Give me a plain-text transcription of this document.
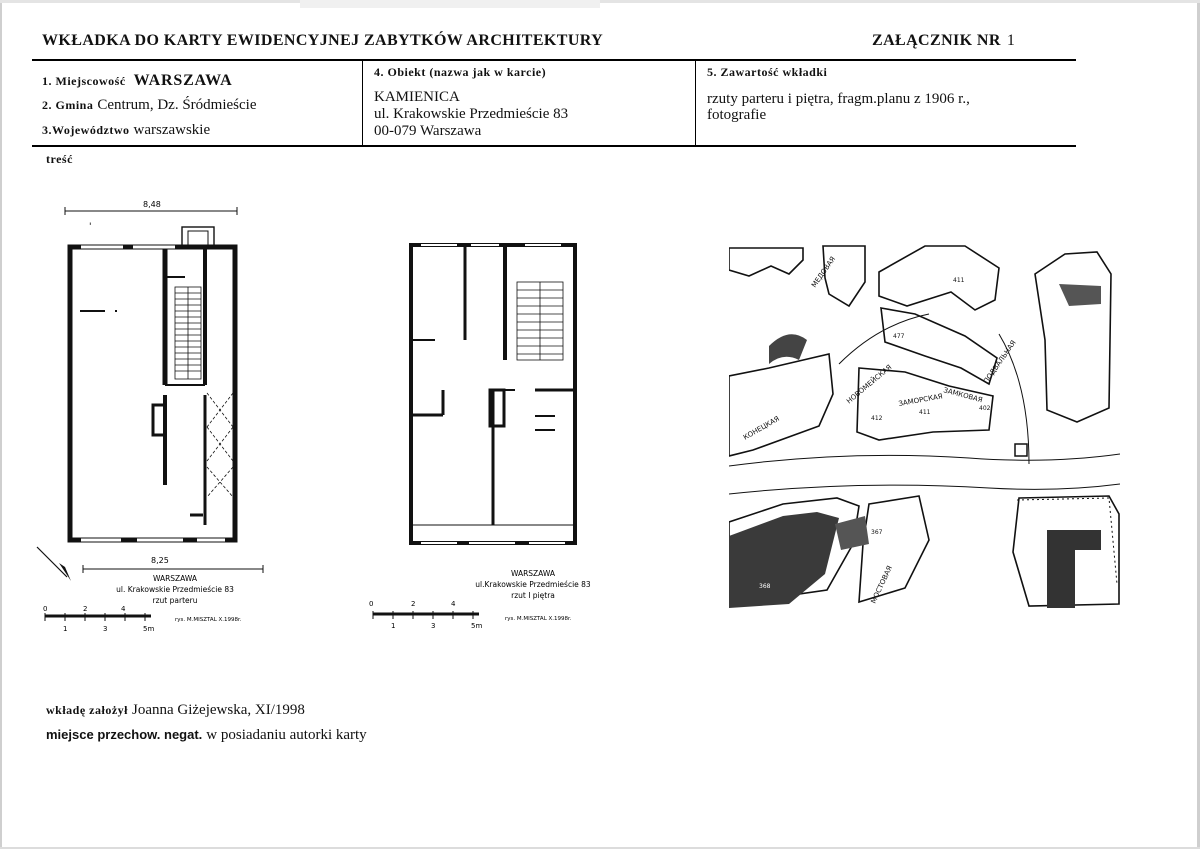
WKŁADKA DO KARTY EWIDENCYJNEJ ZABYTKÓW ARCHITEKTURY	ZAŁĄCZNIK NR 1
1. Miejscowość WARSZAWA
2. Gmina Centrum, Dz. Śródmieście
3.Województwo warszawskie
4. Obiekt (nazwa jak w karcie)
KAMIENICA
ul. Krakowskie Przedmieście 83
00-079 Warszawa
5. Zawartość wkładki
rzuty parteru i piętra, fragm.planu z 1906 r.,
fotografie
treść
8,48
'
8,25
WARSZAWA
ul. Krakowskie Przedmieście 83
rzut parteru
rys. M.MISZTAL X.1998r.
0	2	4
1	3	5m
WARSZAWA
ul.Krakowskie Przedmieście 83
rzut I piętra
rys. M.MISZTAL X.1998r.
0	2	4
1	3	5m
МЕДОВАЯ
НОВОМЕЙСКАЯ
КОНЕЦКАЯ
ЗАМКОВАЯ
ПОДВАЛЬНАЯ
ЗАМОРСКАЯ
МОСТОВАЯ
477
411
411
412
367
368
402
wkładę założył Joanna Giżejewska, XI/1998
miejsce przechow. negat. w posiadaniu autorki karty
